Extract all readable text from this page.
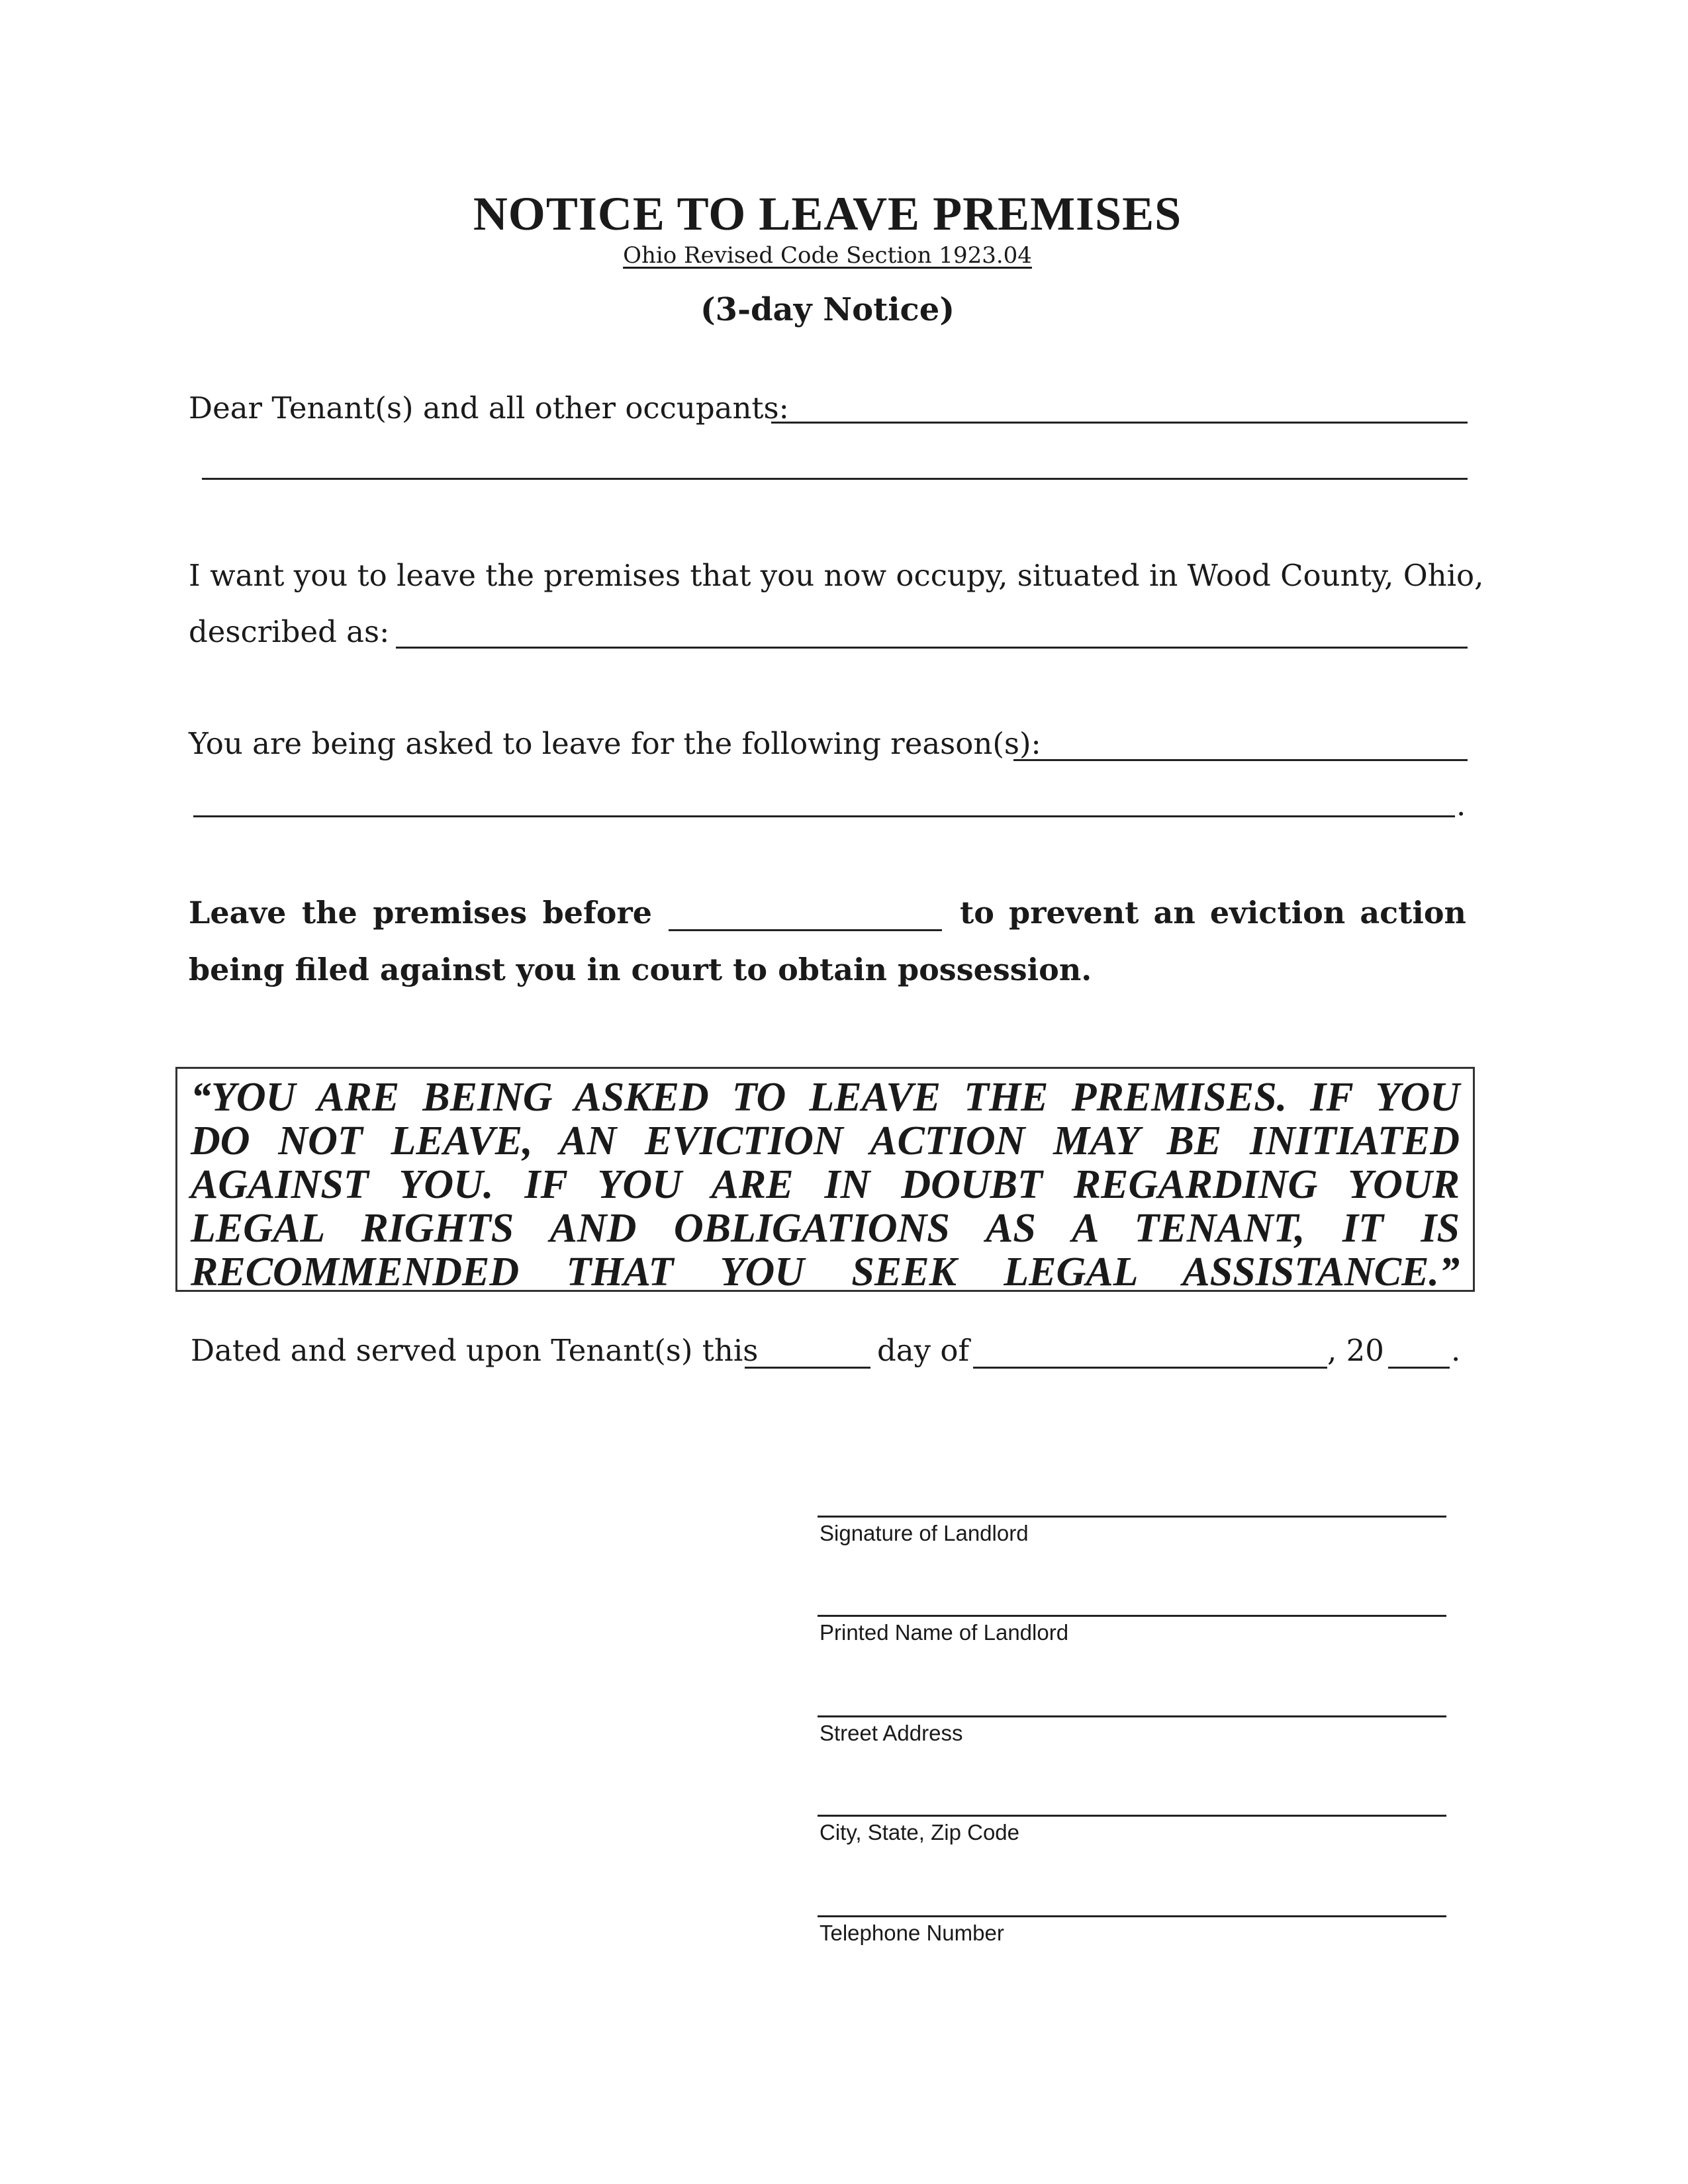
NOTICE TO LEAVE PREMISES
Ohio Revised Code Section 1923.04
(3-day Notice)
Dear Tenant(s) and all other occupants:
I want you to leave the premises that you now occupy, situated in Wood County, Ohio,
described as:
You are being asked to leave for the following reason(s):
.
Leave the premises before	to prevent an eviction action
being filed against you in court to obtain possession.
“YOU ARE BEING ASKED TO LEAVE THE PREMISES. IF YOU
DO NOT LEAVE, AN EVICTION ACTION MAY BE INITIATED
AGAINST YOU. IF YOU ARE IN DOUBT REGARDING YOUR
LEGAL RIGHTS AND OBLIGATIONS AS A TENANT, IT IS
RECOMMENDED THAT YOU SEEK LEGAL ASSISTANCE.”
Dated and served upon Tenant(s) this	day of	, 20 .
Signature of Landlord
Printed Name of Landlord
Street Address
City, State, Zip Code
Telephone Number
